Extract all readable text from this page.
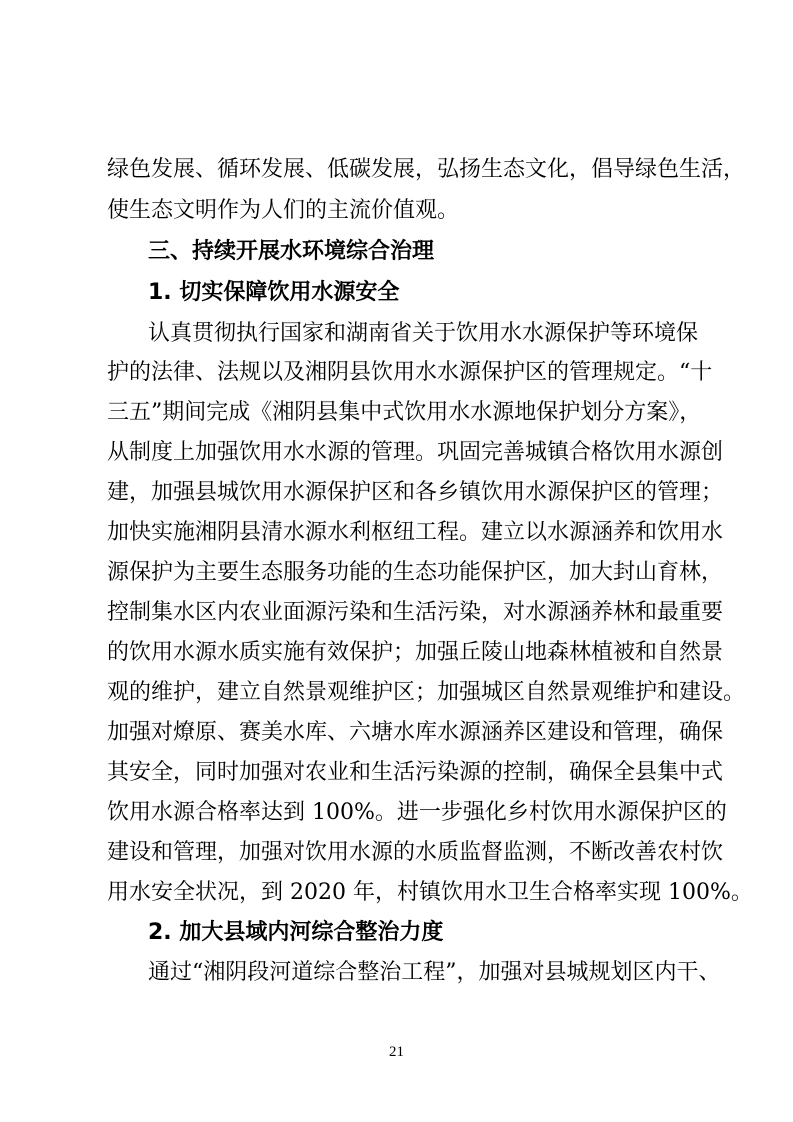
绿色发展、循环发展、低碳发展，弘扬生态文化，倡导绿色生活，
使生态文明作为人们的主流价值观。
三、持续开展水环境综合治理
1. 切实保障饮用水源安全
认真贯彻执行国家和湖南省关于饮用水水源保护等环境保
护的法律、法规以及湘阴县饮用水水源保护区的管理规定。“十
三五”期间完成《湘阴县集中式饮用水水源地保护划分方案》，
从制度上加强饮用水水源的管理。巩固完善城镇合格饮用水源创
建，加强县城饮用水源保护区和各乡镇饮用水源保护区的管理；
加快实施湘阴县清水源水利枢纽工程。建立以水源涵养和饮用水
源保护为主要生态服务功能的生态功能保护区，加大封山育林，
控制集水区内农业面源污染和生活污染，对水源涵养林和最重要
的饮用水源水质实施有效保护；加强丘陵山地森林植被和自然景
观的维护，建立自然景观维护区；加强城区自然景观维护和建设。
加强对燎原、赛美水库、六塘水库水源涵养区建设和管理，确保
其安全，同时加强对农业和生活污染源的控制，确保全县集中式
饮用水源合格率达到 100%。进一步强化乡村饮用水源保护区的
建设和管理，加强对饮用水源的水质监督监测，不断改善农村饮
用水安全状况，到 2020 年，村镇饮用水卫生合格率实现 100%。
2. 加大县域内河综合整治力度
通过“湘阴段河道综合整治工程”，加强对县城规划区内干、
21
